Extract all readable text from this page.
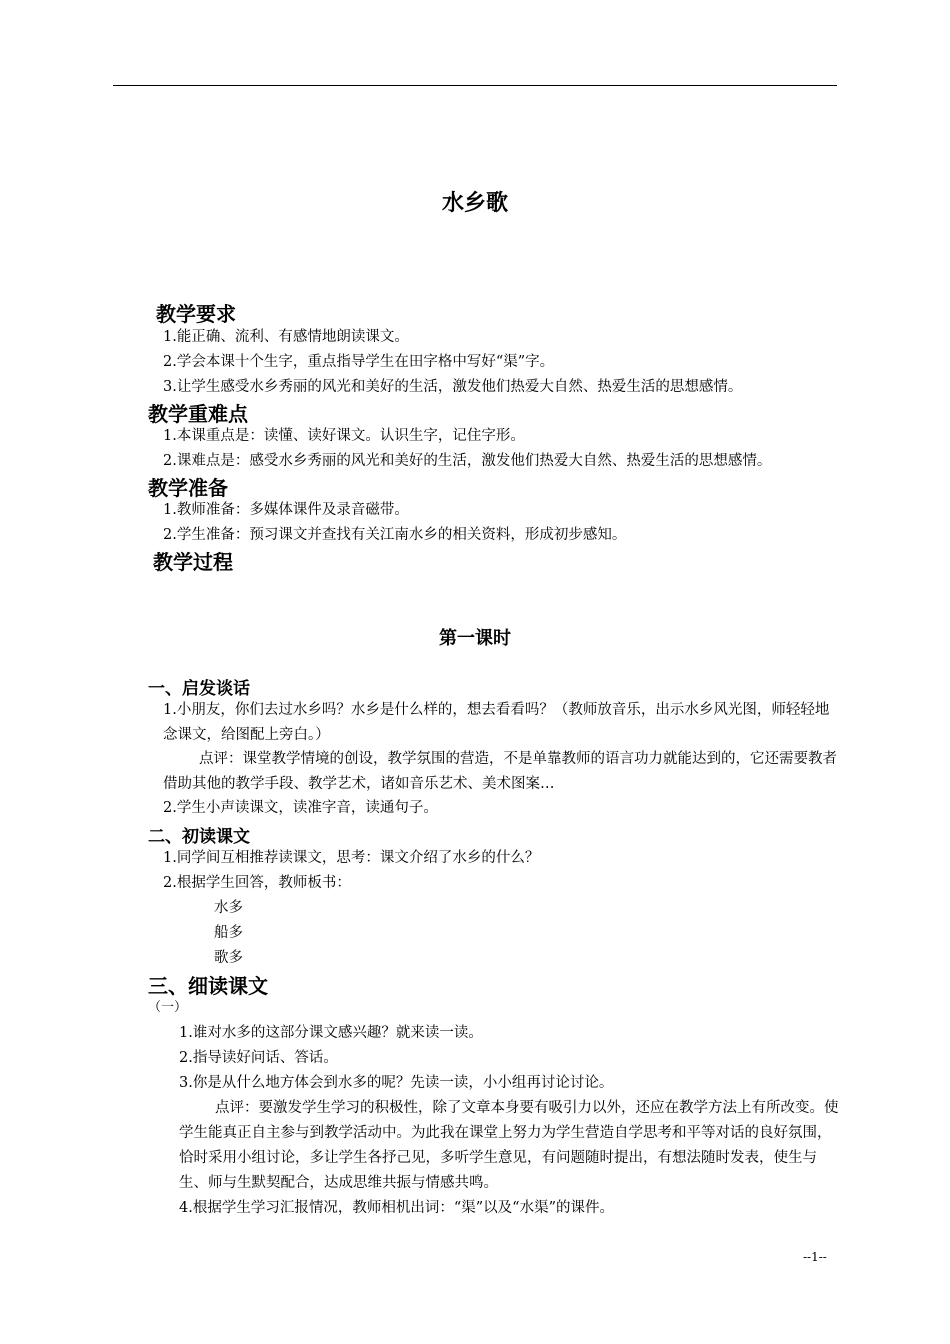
水乡歌
教学要求
1.能正确、流利、有感情地朗读课文。
2.学会本课十个生字，重点指导学生在田字格中写好“渠”字。
3.让学生感受水乡秀丽的风光和美好的生活，激发他们热爱大自然、热爱生活的思想感情。
教学重难点
1.本课重点是：读懂、读好课文。认识生字，记住字形。
2.课难点是：感受水乡秀丽的风光和美好的生活，激发他们热爱大自然、热爱生活的思想感情。
教学准备
1.教师准备：多媒体课件及录音磁带。
2.学生准备：预习课文并查找有关江南水乡的相关资料，形成初步感知。
教学过程
第一课时
一、启发谈话
1.小朋友，你们去过水乡吗？水乡是什么样的，想去看看吗？（教师放音乐，出示水乡风光图，师轻轻地念课文，给图配上旁白。）
点评：课堂教学情境的创设，教学氛围的营造，不是单靠教师的语言功力就能达到的，它还需要教者借助其他的教学手段、教学艺术，诸如音乐艺术、美术图案…
2.学生小声读课文，读准字音，读通句子。
二、初读课文
1.同学间互相推荐读课文，思考：课文介绍了水乡的什么？
2.根据学生回答，教师板书：
水多
船多
歌多
三、细读课文
（一）
1.谁对水多的这部分课文感兴趣？就来读一读。
2.指导读好问话、答话。
3.你是从什么地方体会到水多的呢？先读一读，小小组再讨论讨论。
点评：要激发学生学习的积极性，除了文章本身要有吸引力以外，还应在教学方法上有所改变。使学生能真正自主参与到教学活动中。为此我在课堂上努力为学生营造自学思考和平等对话的良好氛围，恰时采用小组讨论，多让学生各抒己见，多听学生意见，有问题随时提出，有想法随时发表，使生与生、师与生默契配合，达成思维共振与情感共鸣。
4.根据学生学习汇报情况，教师相机出词：“渠”以及“水渠”的课件。
--1--
